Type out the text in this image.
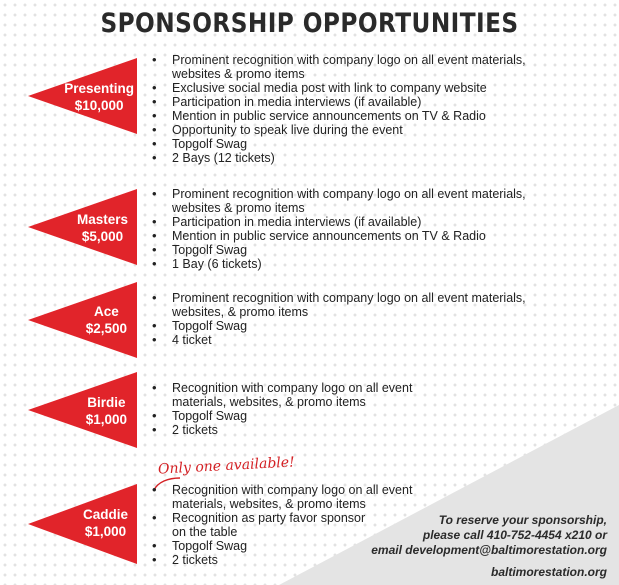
SPONSORSHIP OPPORTUNITIES
Presenting
$10,000
• Prominent recognition with company logo on all event materials,
websites & promo items
• Exclusive social media post with link to company website
• Participation in media interviews (if available)
• Mention in public service announcements on TV & Radio
• Opportunity to speak live during the event
• Topgolf Swag
• 2 Bays (12 tickets)
Masters
$5,000
• Prominent recognition with company logo on all event materials,
websites & promo items
• Participation in media interviews (if available)
• Mention in public service announcements on TV & Radio
• Topgolf Swag
• 1 Bay (6 tickets)
Ace
$2,500
• Prominent recognition with company logo on all event materials,
websites, & promo items
• Topgolf Swag
• 4 ticket
Birdie
$1,000
• Recognition with company logo on all event
materials, websites, & promo items
• Topgolf Swag
• 2 tickets
Only one available!
Caddie
$1,000
• Recognition with company logo on all event
materials, websites, & promo items
• Recognition as party favor sponsor
on the table
• Topgolf Swag
• 2 tickets
To reserve your sponsorship,
please call 410-752-4454 x210 or
email development@baltimorestation.org
baltimorestation.org
